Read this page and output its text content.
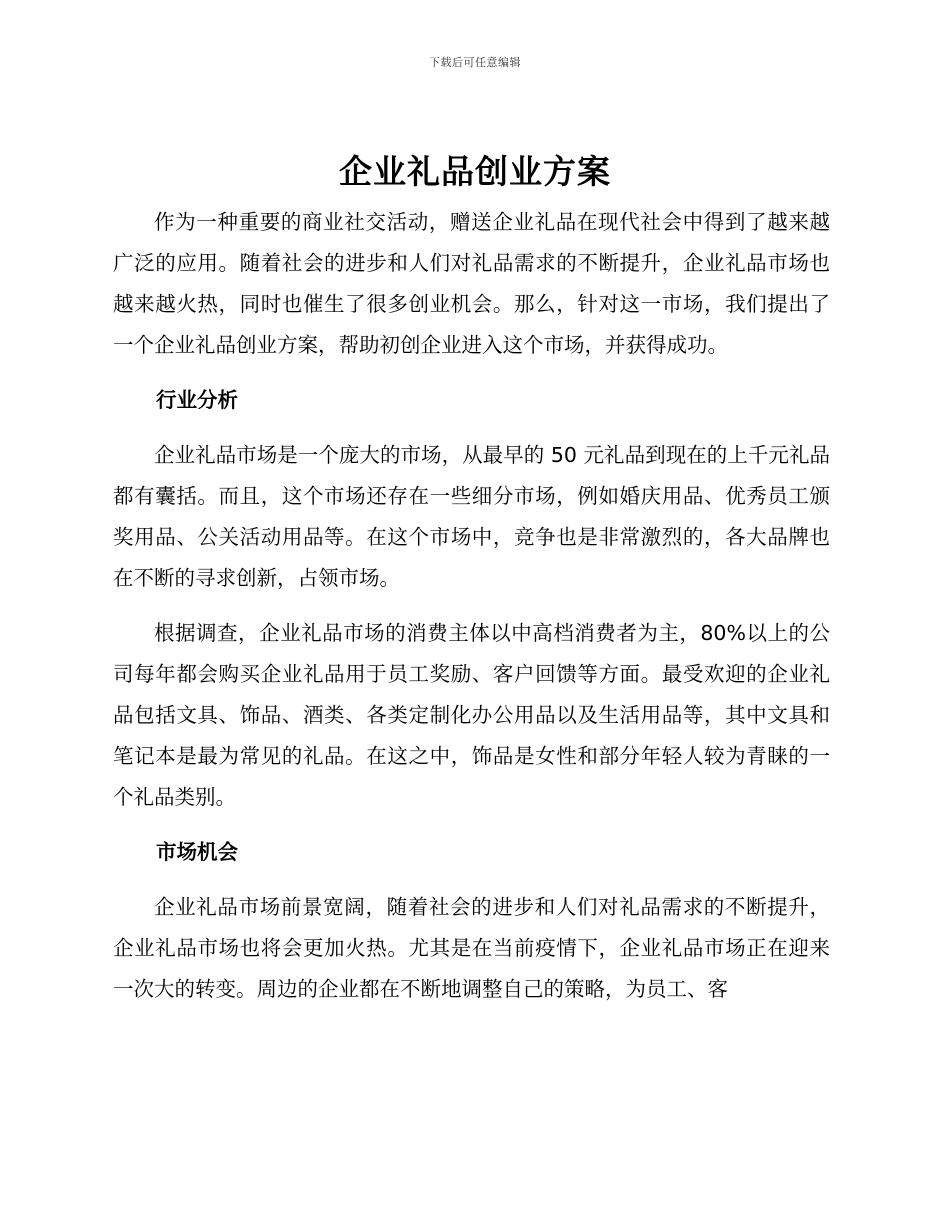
下载后可任意编辑
企业礼品创业方案

作为一种重要的商业社交活动，赠送企业礼品在现代社会中得到了越来越广泛的应用。随着社会的进步和人们对礼品需求的不断提升，企业礼品市场也越来越火热，同时也催生了很多创业机会。那么，针对这一市场，我们提出了一个企业礼品创业方案，帮助初创企业进入这个市场，并获得成功。

行业分析

企业礼品市场是一个庞大的市场，从最早的 50 元礼品到现在的上千元礼品都有囊括。而且，这个市场还存在一些细分市场，例如婚庆用品、优秀员工颁奖用品、公关活动用品等。在这个市场中，竞争也是非常激烈的，各大品牌也在不断的寻求创新，占领市场。

根据调查，企业礼品市场的消费主体以中高档消费者为主，80%以上的公司每年都会购买企业礼品用于员工奖励、客户回馈等方面。最受欢迎的企业礼品包括文具、饰品、酒类、各类定制化办公用品以及生活用品等，其中文具和笔记本是最为常见的礼品。在这之中，饰品是女性和部分年轻人较为青睐的一个礼品类别。

市场机会

企业礼品市场前景宽阔，随着社会的进步和人们对礼品需求的不断提升，企业礼品市场也将会更加火热。尤其是在当前疫情下，企业礼品市场正在迎来一次大的转变。周边的企业都在不断地调整自己的策略，为员工、客
